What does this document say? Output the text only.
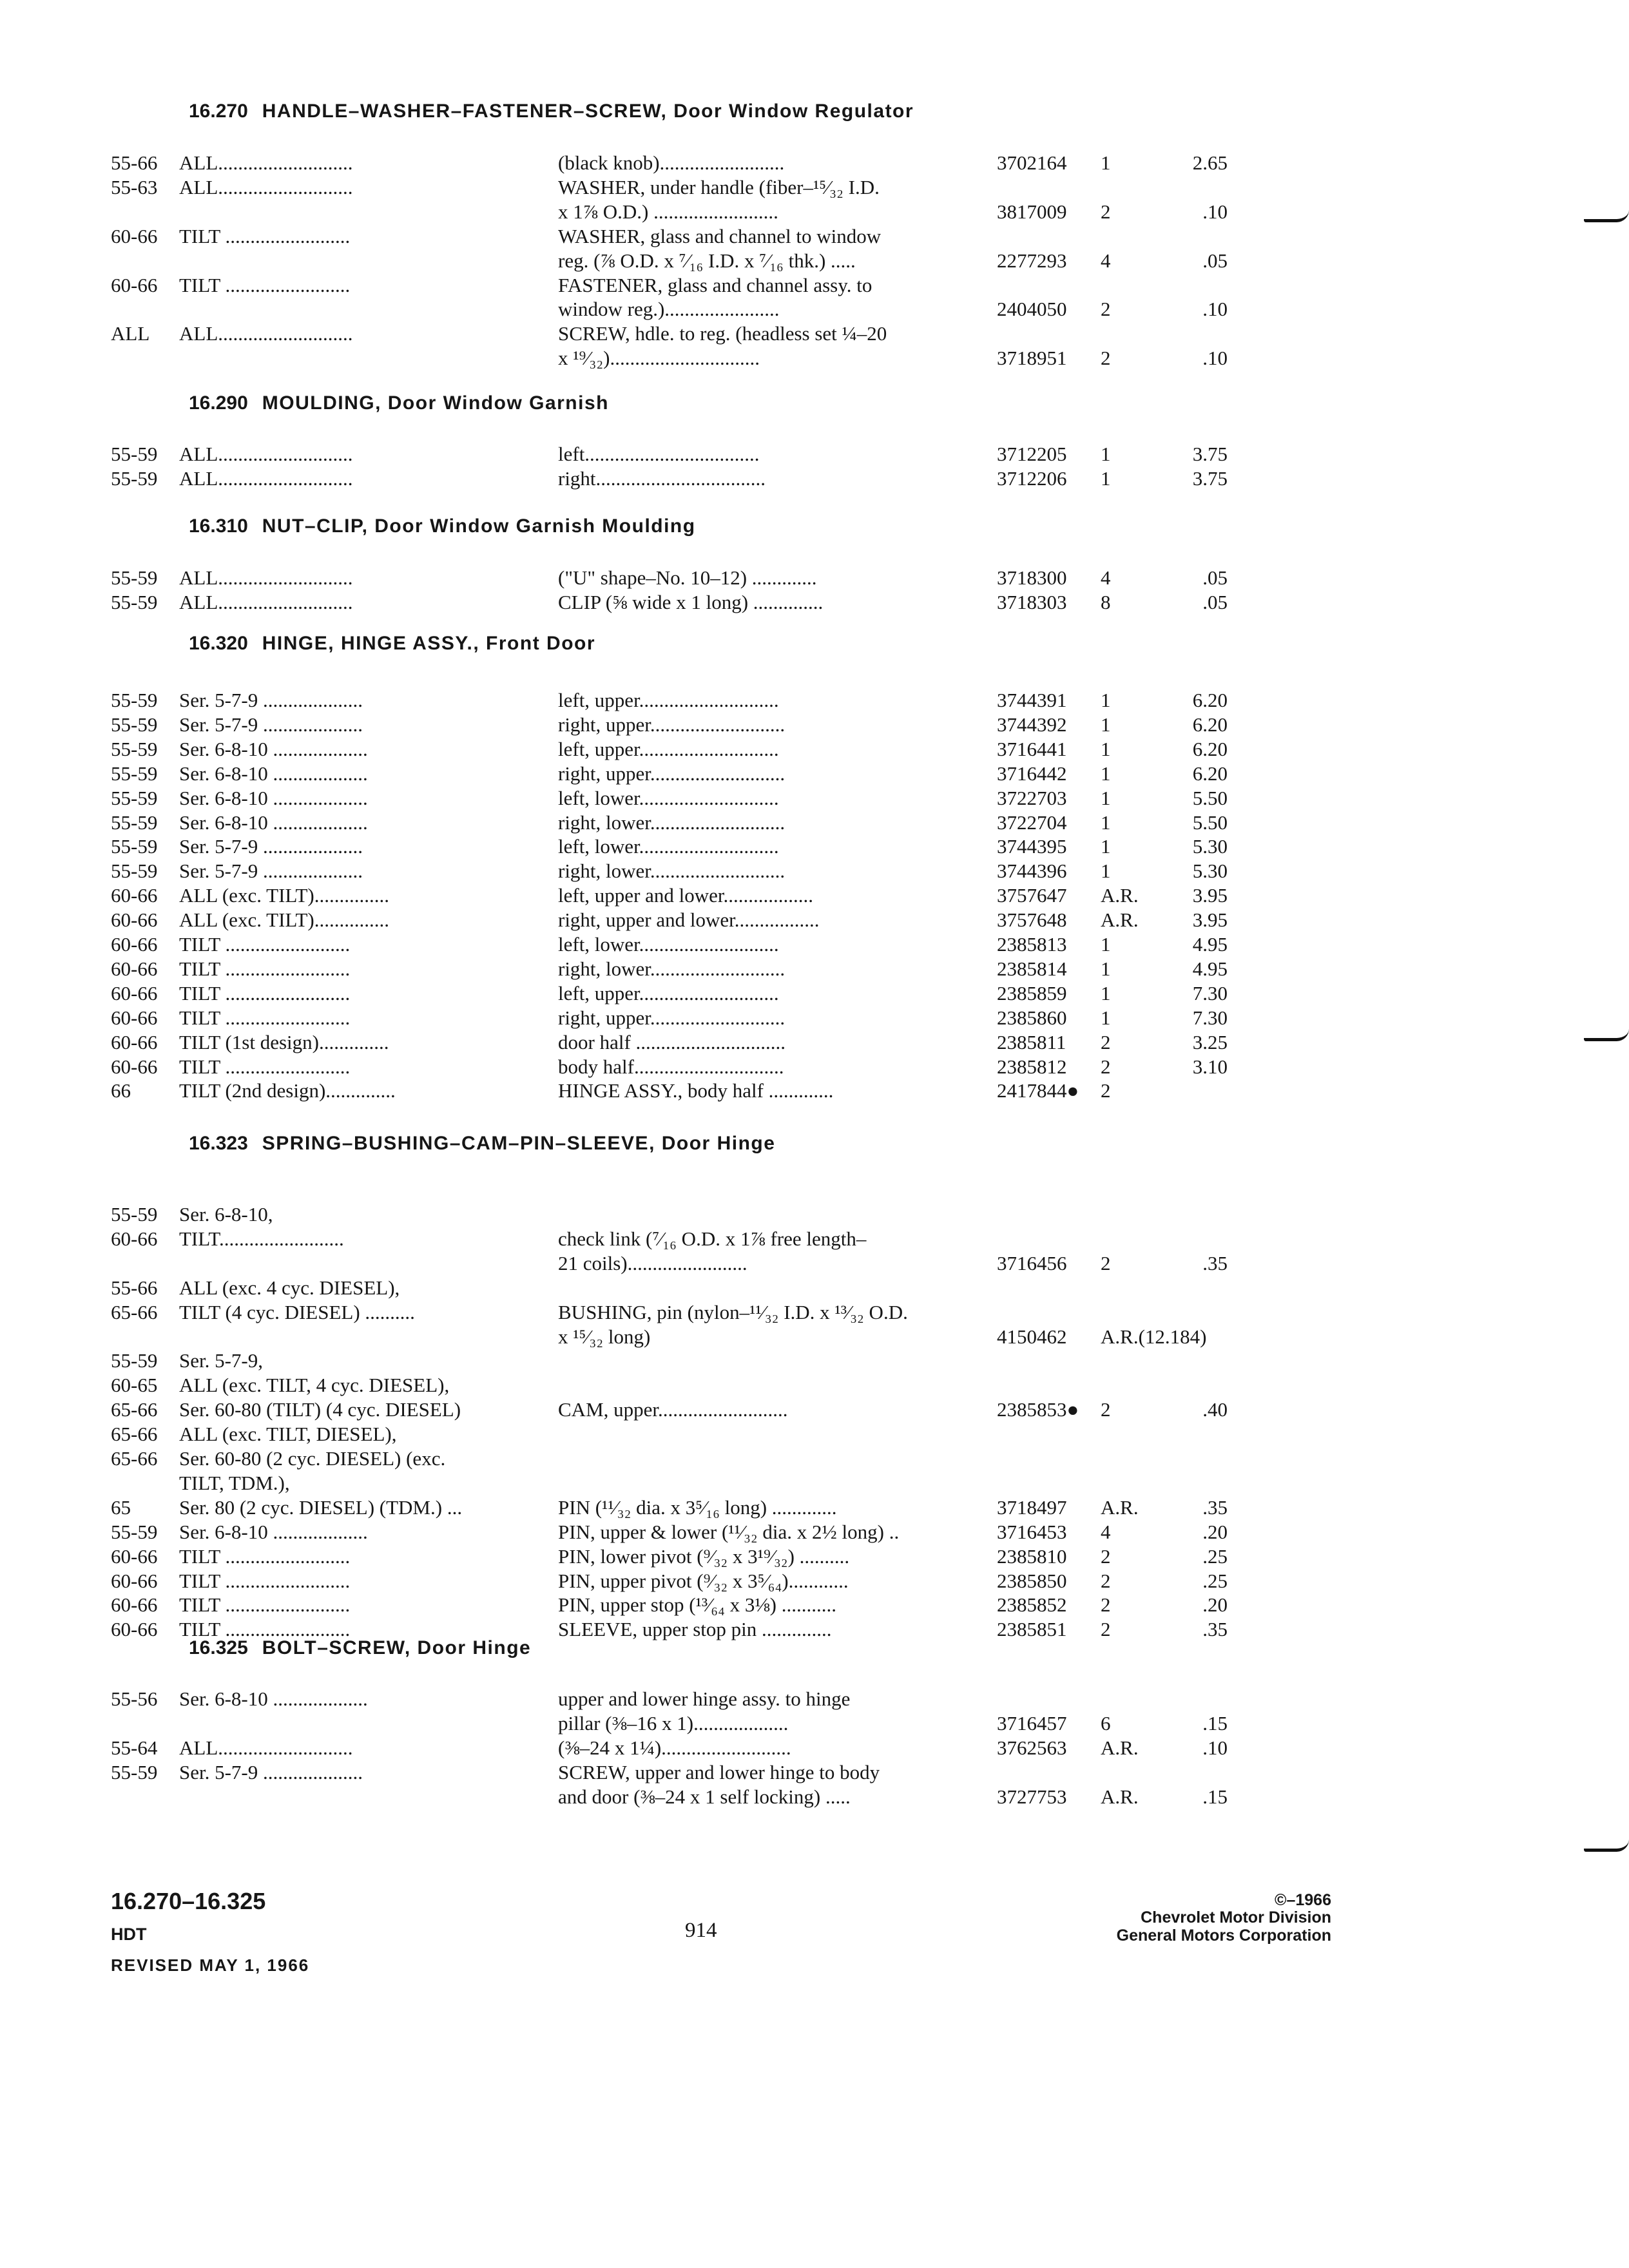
16.270 HANDLE–WASHER–FASTENER–SCREW, Door Window Regulator
55-66 ALL...........................	(black knob).........................	3702164 1	2.65
55-63 ALL...........................	WASHER, under handle (fiber–¹⁵⁄₃₂ I.D.
x 1⅞ O.D.) .........................	3817009 2	.10
60-66 TILT .........................	WASHER, glass and channel to window
reg. (⅞ O.D. x ⁷⁄₁₆ I.D. x ⁷⁄₁₆ thk.) .....	2277293 4	.05
60-66 TILT .........................	FASTENER, glass and channel assy. to
window reg.).......................	2404050 2	.10
ALL ALL...........................	SCREW, hdle. to reg. (headless set ¼–20
x ¹⁹⁄₃₂)..............................	3718951 2	.10
16.290 MOULDING, Door Window Garnish
55-59 ALL...........................	left...................................	3712205 1	3.75
55-59 ALL...........................	right..................................	3712206 1	3.75
16.310 NUT–CLIP, Door Window Garnish Moulding
55-59 ALL...........................	("U" shape–No. 10–12) .............	3718300 4	.05
55-59 ALL...........................	CLIP (⅝ wide x 1 long) ..............	3718303 8	.05
16.320 HINGE, HINGE ASSY., Front Door
55-59 Ser. 5-7-9 ....................	left, upper............................	3744391 1	6.20
55-59 Ser. 5-7-9 ....................	right, upper...........................	3744392 1	6.20
55-59 Ser. 6-8-10 ...................	left, upper............................	3716441 1	6.20
55-59 Ser. 6-8-10 ...................	right, upper...........................	3716442 1	6.20
55-59 Ser. 6-8-10 ...................	left, lower............................	3722703 1	5.50
55-59 Ser. 6-8-10 ...................	right, lower...........................	3722704 1	5.50
55-59 Ser. 5-7-9 ....................	left, lower............................	3744395 1	5.30
55-59 Ser. 5-7-9 ....................	right, lower...........................	3744396 1	5.30
60-66 ALL (exc. TILT)...............	left, upper and lower..................	3757647 A.R.	3.95
60-66 ALL (exc. TILT)...............	right, upper and lower.................	3757648 A.R.	3.95
60-66 TILT .........................	left, lower............................	2385813 1	4.95
60-66 TILT .........................	right, lower...........................	2385814 1	4.95
60-66 TILT .........................	left, upper............................	2385859 1	7.30
60-66 TILT .........................	right, upper...........................	2385860 1	7.30
60-66 TILT (1st design)..............	door half ..............................	2385811 2	3.25
60-66 TILT .........................	body half..............................	2385812 2	3.10
66 TILT (2nd design)..............	HINGE ASSY., body half .............	2417844● 2
16.323 SPRING–BUSHING–CAM–PIN–SLEEVE, Door Hinge
55-59 Ser. 6-8-10,
60-66 TILT.........................	check link (⁷⁄₁₆ O.D. x 1⅞ free length–
21 coils)........................	3716456 2	.35
55-66 ALL (exc. 4 cyc. DIESEL),
65-66 TILT (4 cyc. DIESEL) ..........	BUSHING, pin (nylon–¹¹⁄₃₂ I.D. x ¹³⁄₃₂ O.D.
x ¹⁵⁄₃₂ long)	4150462 A.R.(12.184)
55-59 Ser. 5-7-9,
60-65 ALL (exc. TILT, 4 cyc. DIESEL),
65-66 Ser. 60-80 (TILT) (4 cyc. DIESEL)	CAM, upper..........................	2385853● 2	.40
65-66 ALL (exc. TILT, DIESEL),
65-66 Ser. 60-80 (2 cyc. DIESEL) (exc.
TILT, TDM.),
65 Ser. 80 (2 cyc. DIESEL) (TDM.) ...	PIN (¹¹⁄₃₂ dia. x 3⁵⁄₁₆ long) .............	3718497 A.R.	.35
55-59 Ser. 6-8-10 ...................	PIN, upper & lower (¹¹⁄₃₂ dia. x 2½ long) ..	3716453 4	.20
60-66 TILT .........................	PIN, lower pivot (⁹⁄₃₂ x 3¹⁹⁄₃₂) ..........	2385810 2	.25
60-66 TILT .........................	PIN, upper pivot (⁹⁄₃₂ x 3⁵⁄₆₄)............	2385850 2	.25
60-66 TILT .........................	PIN, upper stop (¹³⁄₆₄ x 3⅛) ...........	2385852 2	.20
60-66 TILT .........................	SLEEVE, upper stop pin ..............	2385851 2	.35
16.325 BOLT–SCREW, Door Hinge
55-56 Ser. 6-8-10 ...................	upper and lower hinge assy. to hinge
pillar (⅜–16 x 1)...................	3716457 6	.15
55-64 ALL...........................	(⅜–24 x 1¼)..........................	3762563 A.R.	.10
55-59 Ser. 5-7-9 ....................	SCREW, upper and lower hinge to body
and door (⅜–24 x 1 self locking) .....	3727753 A.R.	.15
16.270–16.325
HDT
REVISED MAY 1, 1966
914
©–1966
Chevrolet Motor Division
General Motors Corporation
